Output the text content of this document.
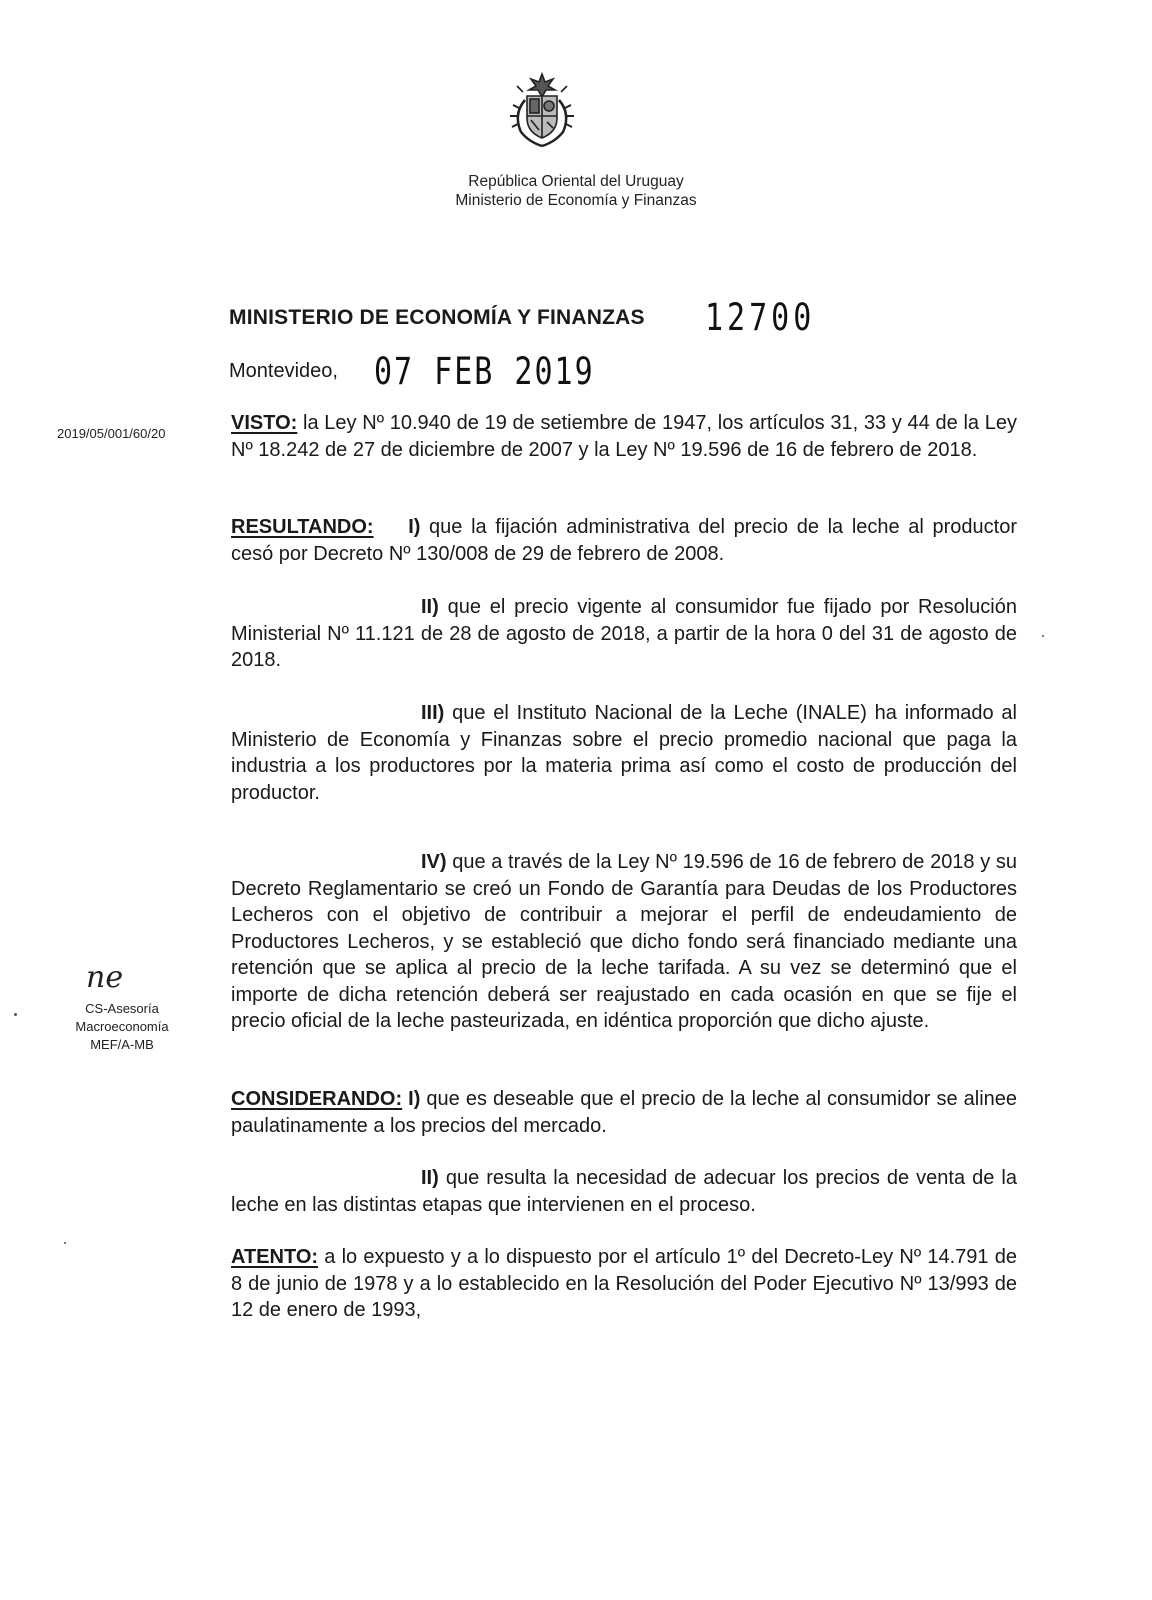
República Oriental del Uruguay
Ministerio de Economía y Finanzas
MINISTERIO DE ECONOMÍA Y FINANZAS 12700
Montevideo, 07 FEB 2019
2019/05/001/60/20
ne
CS-Asesoría
Macroeconomía
MEF/A-MB
VISTO: la Ley Nº 10.940 de 19 de setiembre de 1947, los artículos 31, 33 y 44 de la Ley Nº 18.242 de 27 de diciembre de 2007 y la Ley Nº 19.596 de 16 de febrero de 2018.
RESULTANDO: I) que la fijación administrativa del precio de la leche al productor cesó por Decreto Nº 130/008 de 29 de febrero de 2008.
II) que el precio vigente al consumidor fue fijado por Resolución Ministerial Nº 11.121 de 28 de agosto de 2018, a partir de la hora 0 del 31 de agosto de 2018.
III) que el Instituto Nacional de la Leche (INALE) ha informado al Ministerio de Economía y Finanzas sobre el precio promedio nacional que paga la industria a los productores por la materia prima así como el costo de producción del productor.
IV) que a través de la Ley Nº 19.596 de 16 de febrero de 2018 y su Decreto Reglamentario se creó un Fondo de Garantía para Deudas de los Productores Lecheros con el objetivo de contribuir a mejorar el perfil de endeudamiento de Productores Lecheros, y se estableció que dicho fondo será financiado mediante una retención que se aplica al precio de la leche tarifada. A su vez se determinó que el importe de dicha retención deberá ser reajustado en cada ocasión en que se fije el precio oficial de la leche pasteurizada, en idéntica proporción que dicho ajuste.
CONSIDERANDO: I) que es deseable que el precio de la leche al consumidor se alinee paulatinamente a los precios del mercado.
II) que resulta la necesidad de adecuar los precios de venta de la leche en las distintas etapas que intervienen en el proceso.
ATENTO: a lo expuesto y a lo dispuesto por el artículo 1º del Decreto-Ley Nº 14.791 de 8 de junio de 1978 y a lo establecido en la Resolución del Poder Ejecutivo Nº 13/993 de 12 de enero de 1993,
